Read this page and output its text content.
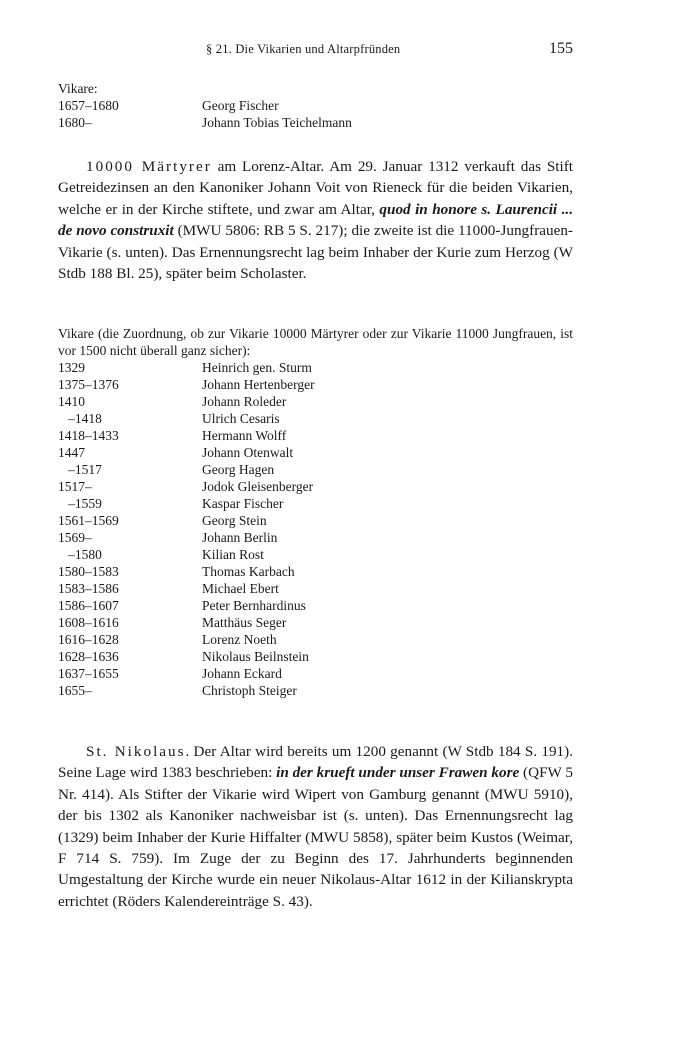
§ 21. Die Vikarien und Altarpfründen	155
Vikare:
1657–1680	Georg Fischer
1680–	Johann Tobias Teichelmann
10000 Märtyrer am Lorenz-Altar. Am 29. Januar 1312 verkauft das Stift Getreidezinsen an den Kanoniker Johann Voit von Rieneck für die beiden Vikarien, welche er in der Kirche stiftete, und zwar am Altar, quod in honore s. Laurencii ... de novo construxit (MWU 5806: RB 5 S. 217); die zweite ist die 11000-Jungfrauen-Vikarie (s. unten). Das Ernennungsrecht lag beim Inhaber der Kurie zum Herzog (W Stdb 188 Bl. 25), später beim Scholaster.
Vikare (die Zuordnung, ob zur Vikarie 10000 Märtyrer oder zur Vikarie 11000 Jungfrauen, ist vor 1500 nicht überall ganz sicher):
1329	Heinrich gen. Sturm
1375–1376	Johann Hertenberger
1410	Johann Roleder
–1418	Ulrich Cesaris
1418–1433	Hermann Wolff
1447	Johann Otenwalt
–1517	Georg Hagen
1517–	Jodok Gleisenberger
–1559	Kaspar Fischer
1561–1569	Georg Stein
1569–	Johann Berlin
–1580	Kilian Rost
1580–1583	Thomas Karbach
1583–1586	Michael Ebert
1586–1607	Peter Bernhardinus
1608–1616	Matthäus Seger
1616–1628	Lorenz Noeth
1628–1636	Nikolaus Beilnstein
1637–1655	Johann Eckard
1655–	Christoph Steiger
St. Nikolaus. Der Altar wird bereits um 1200 genannt (W Stdb 184 S. 191). Seine Lage wird 1383 beschrieben: in der krueft under unser Frawen kore (QFW 5 Nr. 414). Als Stifter der Vikarie wird Wipert von Gamburg genannt (MWU 5910), der bis 1302 als Kanoniker nachweisbar ist (s. unten). Das Ernennungsrecht lag (1329) beim Inhaber der Kurie Hiffalter (MWU 5858), später beim Kustos (Weimar, F 714 S. 759). Im Zuge der zu Beginn des 17. Jahrhunderts beginnenden Umgestaltung der Kirche wurde ein neuer Nikolaus-Altar 1612 in der Kilianskrypta errichtet (Röders Kalendereinträge S. 43).
